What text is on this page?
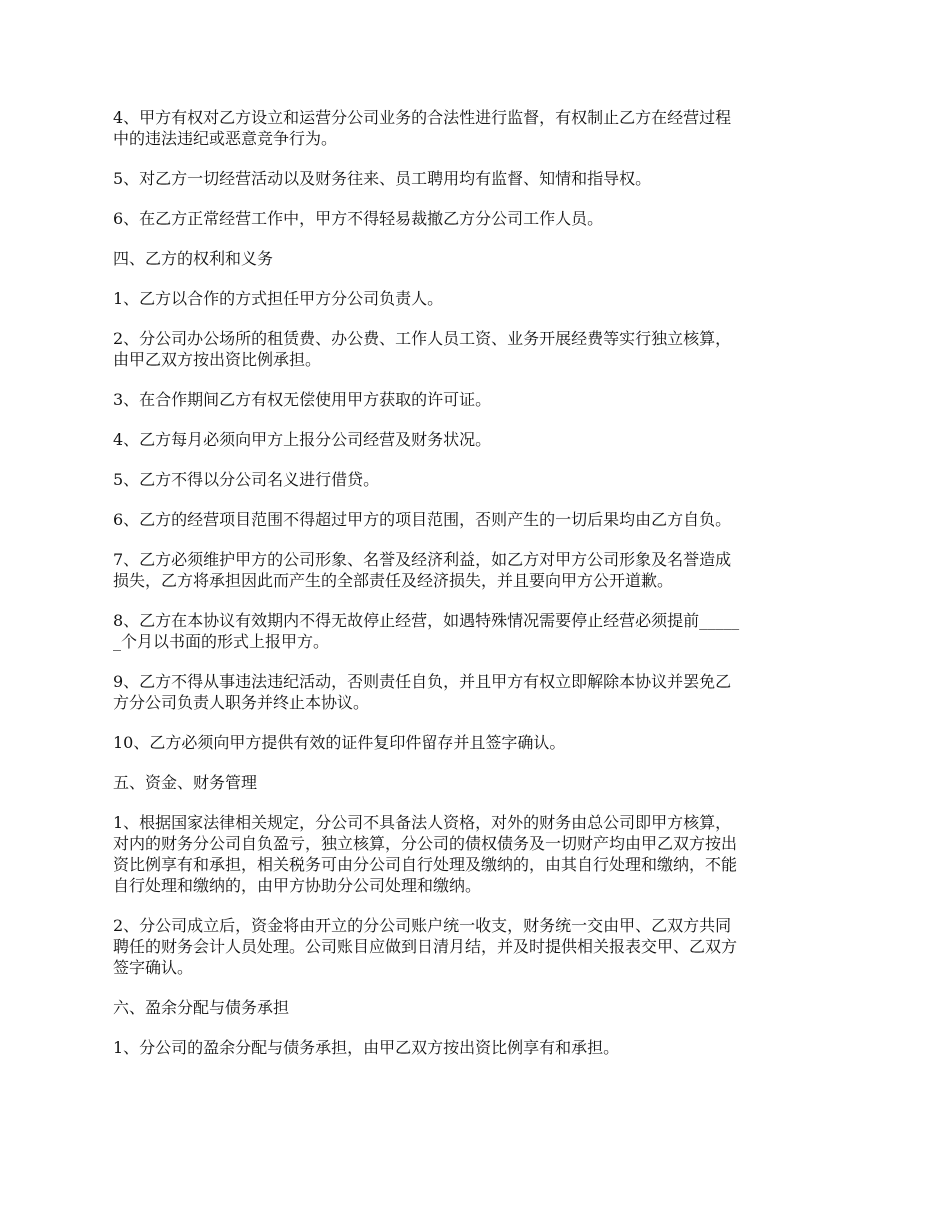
4、甲方有权对乙方设立和运营分公司业务的合法性进行监督，有权制止乙方在经营过程
中的违法违纪或恶意竞争行为。

5、对乙方一切经营活动以及财务往来、员工聘用均有监督、知情和指导权。

6、在乙方正常经营工作中，甲方不得轻易裁撤乙方分公司工作人员。

四、乙方的权利和义务

1、乙方以合作的方式担任甲方分公司负责人。

2、分公司办公场所的租赁费、办公费、工作人员工资、业务开展经费等实行独立核算，
由甲乙双方按出资比例承担。

3、在合作期间乙方有权无偿使用甲方获取的许可证。

4、乙方每月必须向甲方上报分公司经营及财务状况。

5、乙方不得以分公司名义进行借贷。

6、乙方的经营项目范围不得超过甲方的项目范围，否则产生的一切后果均由乙方自负。

7、乙方必须维护甲方的公司形象、名誉及经济利益，如乙方对甲方公司形象及名誉造成
损失，乙方将承担因此而产生的全部责任及经济损失，并且要向甲方公开道歉。

8、乙方在本协议有效期内不得无故停止经营，如遇特殊情况需要停止经营必须提前_____
_个月以书面的形式上报甲方。

9、乙方不得从事违法违纪活动，否则责任自负，并且甲方有权立即解除本协议并罢免乙
方分公司负责人职务并终止本协议。

10、乙方必须向甲方提供有效的证件复印件留存并且签字确认。

五、资金、财务管理

1、根据国家法律相关规定，分公司不具备法人资格，对外的财务由总公司即甲方核算，
对内的财务分公司自负盈亏，独立核算，分公司的债权债务及一切财产均由甲乙双方按出
资比例享有和承担，相关税务可由分公司自行处理及缴纳的，由其自行处理和缴纳，不能
自行处理和缴纳的，由甲方协助分公司处理和缴纳。

2、分公司成立后，资金将由开立的分公司账户统一收支，财务统一交由甲、乙双方共同
聘任的财务会计人员处理。公司账目应做到日清月结，并及时提供相关报表交甲、乙双方
签字确认。

六、盈余分配与债务承担

1、分公司的盈余分配与债务承担，由甲乙双方按出资比例享有和承担。
